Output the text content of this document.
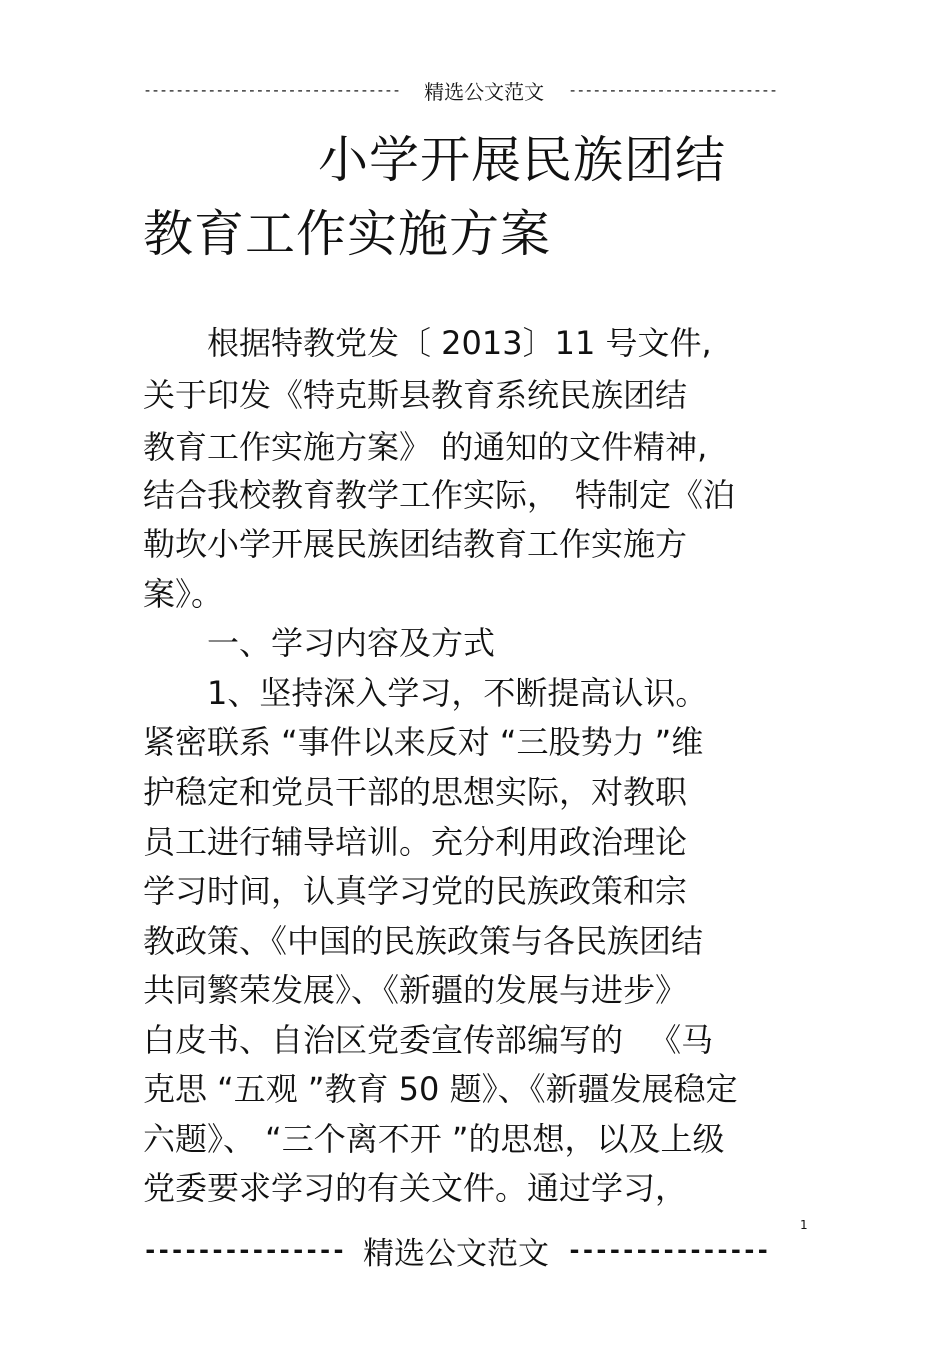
-------------------------------- 精选公文范文 --------------------------
小学开展民族团结
教育工作实施方案
　　根据特教党发〔 2013〕11 号文件,
关于印发《特克斯县教育系统民族团结
教育工作实施方案》 的通知的文件精神,
结合我校教育教学工作实际，　特制定《泊
勒坎小学开展民族团结教育工作实施方
案》。
　　一、学习内容及方式
　　1、坚持深入学习，不断提高认识。
紧密联系 “事件以来反对 “三股势力 ”维
护稳定和党员干部的思想实际，对教职
员工进行辅导培训。充分利用政治理论
学习时间，认真学习党的民族政策和宗
教政策、《中国的民族政策与各民族团结
共同繁荣发展》、《新疆的发展与进步》
白皮书、自治区党委宣传部编写的 　《马
克思 “五观 ”教育 50 题》、《新疆发展稳定
六题》、 “三个离不开 ”的思想，以及上级
党委要求学习的有关文件。通过学习，
1
--------------- 精选公文范文 ---------------
